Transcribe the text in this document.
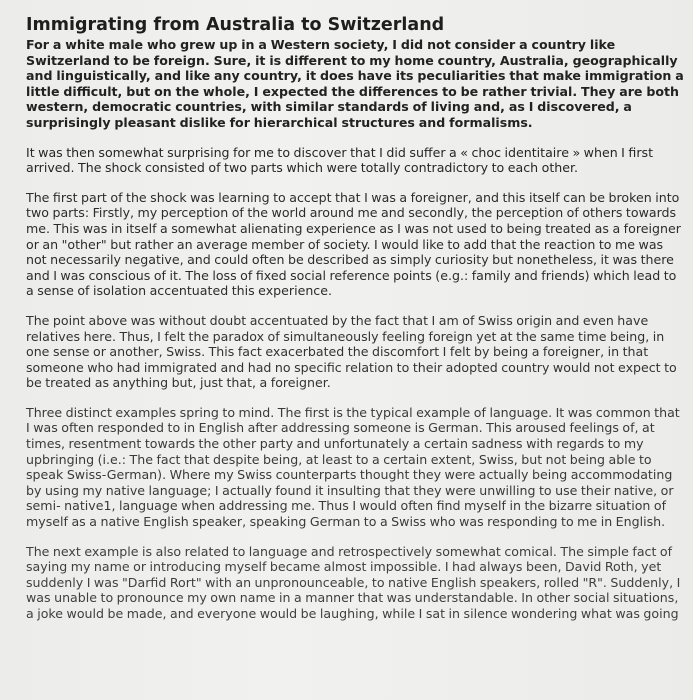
Immigrating from Australia to Switzerland

For a white male who grew up in a Western society, I did not consider a country like Switzerland to be foreign. Sure, it is different to my home country, Australia, geographically and linguistically, and like any country, it does have its peculiarities that make immigration a little difficult, but on the whole, I expected the differences to be rather trivial. They are both western, democratic countries, with similar standards of living and, as I discovered, a surprisingly pleasant dislike for hierarchical structures and formalisms.

It was then somewhat surprising for me to discover that I did suffer a « choc identitaire » when I first arrived. The shock consisted of two parts which were totally contradictory to each other.

The first part of the shock was learning to accept that I was a foreigner, and this itself can be broken into two parts: Firstly, my perception of the world around me and secondly, the perception of others towards me. This was in itself a somewhat alienating experience as I was not used to being treated as a foreigner or an "other" but rather an average member of society. I would like to add that the reaction to me was not necessarily negative, and could often be described as simply curiosity but nonetheless, it was there and I was conscious of it. The loss of fixed social reference points (e.g.: family and friends) which lead to a sense of isolation accentuated this experience.

The point above was without doubt accentuated by the fact that I am of Swiss origin and even have relatives here. Thus, I felt the paradox of simultaneously feeling foreign yet at the same time being, in one sense or another, Swiss. This fact exacerbated the discomfort I felt by being a foreigner, in that someone who had immigrated and had no specific relation to their adopted country would not expect to be treated as anything but, just that, a foreigner.

Three distinct examples spring to mind. The first is the typical example of language. It was common that I was often responded to in English after addressing someone is German. This aroused feelings of, at times, resentment towards the other party and unfortunately a certain sadness with regards to my upbringing (i.e.: The fact that despite being, at least to a certain extent, Swiss, but not being able to speak Swiss-German). Where my Swiss counterparts thought they were actually being accommodating by using my native language; I actually found it insulting that they were unwilling to use their native, or semi- native1, language when addressing me. Thus I would often find myself in the bizarre situation of myself as a native English speaker, speaking German to a Swiss who was responding to me in English.

The next example is also related to language and retrospectively somewhat comical. The simple fact of saying my name or introducing myself became almost impossible. I had always been, David Roth, yet suddenly I was "Darfid Rort" with an unpronounceable, to native English speakers, rolled "R". Suddenly, I was unable to pronounce my own name in a manner that was understandable. In other social situations, a joke would be made, and everyone would be laughing, while I sat in silence wondering what was going
